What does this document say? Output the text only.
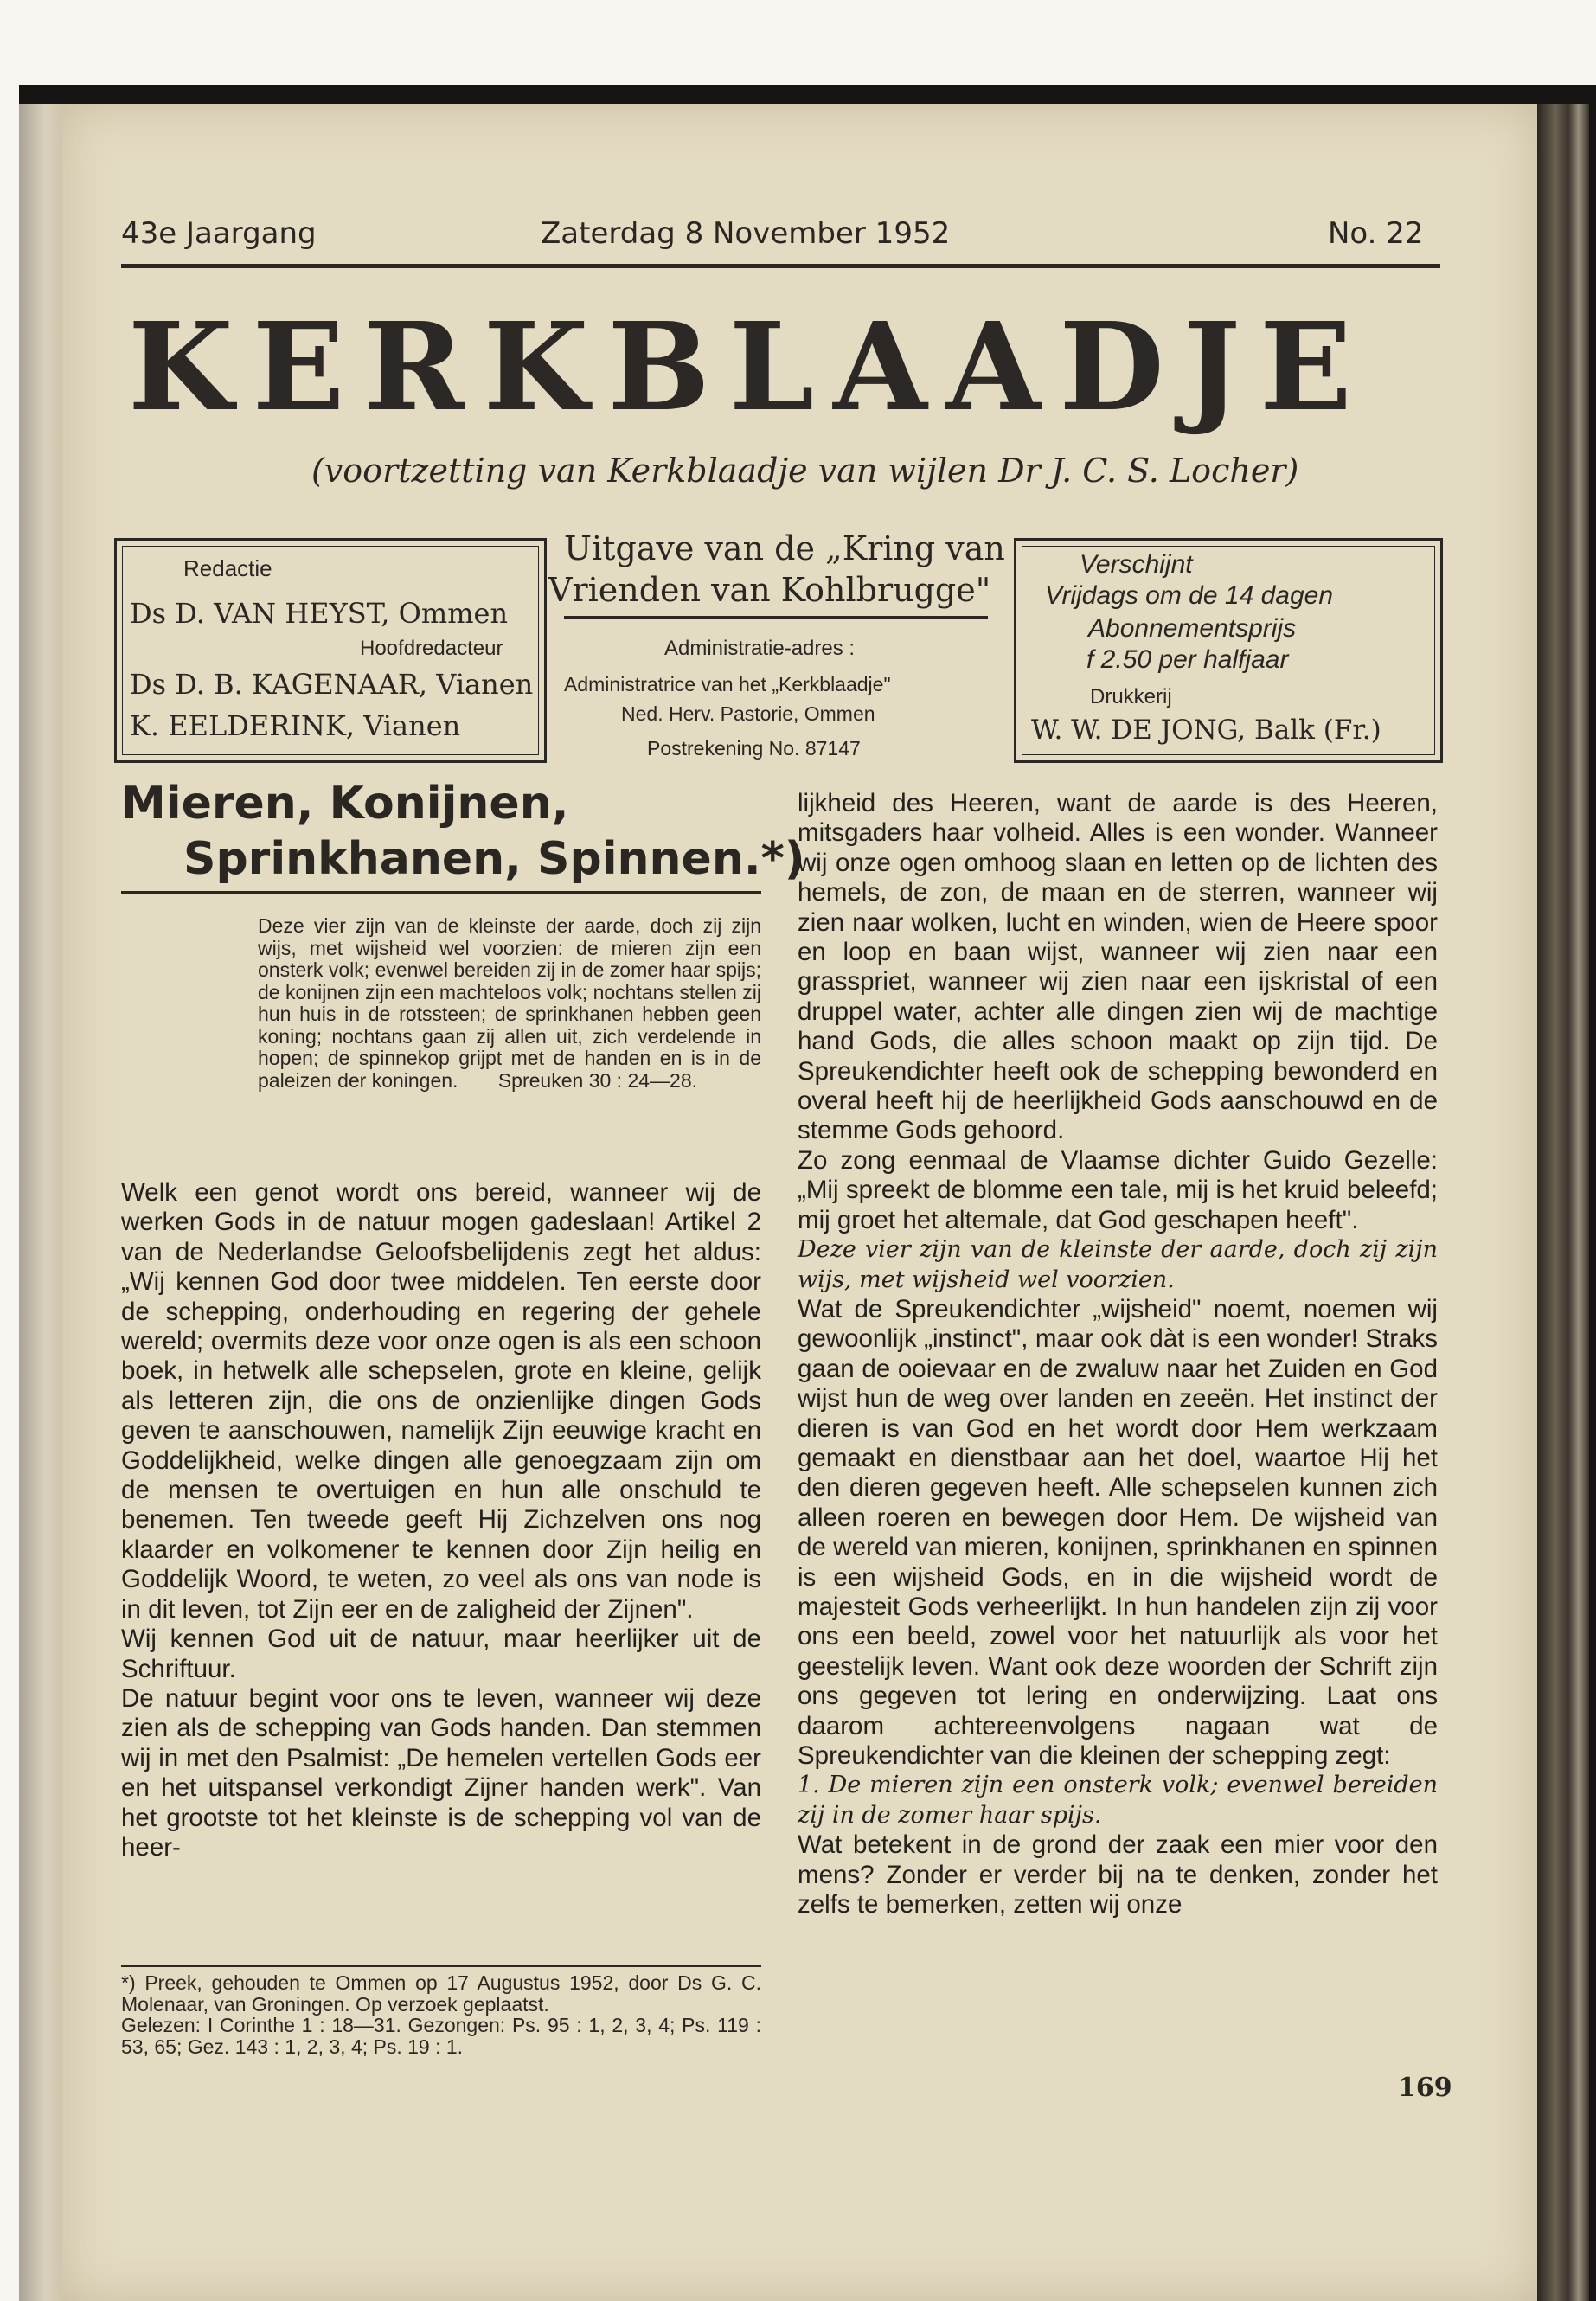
43e Jaargang	Zaterdag 8 November 1952	No. 22
KERKBLAADJE
(voortzetting van Kerkblaadje van wijlen Dr J. C. S. Locher)
Redactie
Ds D. VAN HEYST, Ommen
Hoofdredacteur
Ds D. B. KAGENAAR, Vianen
K. EELDERINK, Vianen
Uitgave van de „Kring van
Vrienden van Kohlbrugge"
Administratie-adres :
Administratrice van het „Kerkblaadje"
Ned. Herv. Pastorie, Ommen
Postrekening No. 87147
Verschijnt
Vrijdags om de 14 dagen
Abonnementsprijs
f 2.50 per halfjaar
Drukkerij
W. W. DE JONG, Balk (Fr.)
Mieren, Konijnen,
Sprinkhanen, Spinnen.*)
Deze vier zijn van de kleinste der aarde, doch zij zijn wijs, met wijsheid wel voorzien: de mieren zijn een onsterk volk; evenwel bereiden zij in de zomer haar spijs; de konijnen zijn een machteloos volk; nochtans stellen zij hun huis in de rotssteen; de sprinkhanen hebben geen koning; nochtans gaan zij allen uit, zich verdelende in hopen; de spinnekop grijpt met de handen en is in de paleizen der koningen. Spreuken 30 : 24—28.

Welk een genot wordt ons bereid, wanneer wij de werken Gods in de natuur mogen gadeslaan! Artikel 2 van de Nederlandse Geloofsbelijdenis zegt het aldus: „Wij kennen God door twee middelen. Ten eerste door de schepping, onderhouding en regering der gehele wereld; overmits deze voor onze ogen is als een schoon boek, in hetwelk alle schepselen, grote en kleine, gelijk als letteren zijn, die ons de onzienlijke dingen Gods geven te aanschouwen, namelijk Zijn eeuwige kracht en Goddelijkheid, welke dingen alle genoegzaam zijn om de mensen te overtuigen en hun alle onschuld te benemen. Ten tweede geeft Hij Zichzelven ons nog klaarder en volkomener te kennen door Zijn heilig en Goddelijk Woord, te weten, zo veel als ons van node is in dit leven, tot Zijn eer en de zaligheid der Zijnen".

Wij kennen God uit de natuur, maar heerlijker uit de Schriftuur.

De natuur begint voor ons te leven, wanneer wij deze zien als de schepping van Gods handen. Dan stemmen wij in met den Psalmist: „De hemelen vertellen Gods eer en het uitspansel verkondigt Zijner handen werk". Van het grootste tot het kleinste is de schepping vol van de heer-

*) Preek, gehouden te Ommen op 17 Augustus 1952, door Ds G. C. Molenaar, van Groningen. Op verzoek geplaatst.
Gelezen: I Corinthe 1 : 18—31. Gezongen: Ps. 95 : 1, 2, 3, 4; Ps. 119 : 53, 65; Gez. 143 : 1, 2, 3, 4; Ps. 19 : 1.

lijkheid des Heeren, want de aarde is des Heeren, mitsgaders haar volheid. Alles is een wonder. Wanneer wij onze ogen omhoog slaan en letten op de lichten des hemels, de zon, de maan en de sterren, wanneer wij zien naar wolken, lucht en winden, wien de Heere spoor en loop en baan wijst, wanneer wij zien naar een grasspriet, wanneer wij zien naar een ijskristal of een druppel water, achter alle dingen zien wij de machtige hand Gods, die alles schoon maakt op zijn tijd. De Spreukendichter heeft ook de schepping bewonderd en overal heeft hij de heerlijkheid Gods aanschouwd en de stemme Gods gehoord.

Zo zong eenmaal de Vlaamse dichter Guido Gezelle: „Mij spreekt de blomme een tale, mij is het kruid beleefd; mij groet het altemale, dat God geschapen heeft".

Deze vier zijn van de kleinste der aarde, doch zij zijn wijs, met wijsheid wel voorzien.

Wat de Spreukendichter „wijsheid" noemt, noemen wij gewoonlijk „instinct", maar ook dàt is een wonder! Straks gaan de ooievaar en de zwaluw naar het Zuiden en God wijst hun de weg over landen en zeeën. Het instinct der dieren is van God en het wordt door Hem werkzaam gemaakt en dienstbaar aan het doel, waartoe Hij het den dieren gegeven heeft. Alle schepselen kunnen zich alleen roeren en bewegen door Hem. De wijsheid van de wereld van mieren, konijnen, sprinkhanen en spinnen is een wijsheid Gods, en in die wijsheid wordt de majesteit Gods verheerlijkt. In hun handelen zijn zij voor ons een beeld, zowel voor het natuurlijk als voor het geestelijk leven. Want ook deze woorden der Schrift zijn ons gegeven tot lering en onderwijzing. Laat ons daarom achtereenvolgens nagaan wat de Spreukendichter van die kleinen der schepping zegt:

1. De mieren zijn een onsterk volk; evenwel bereiden zij in de zomer haar spijs.

Wat betekent in de grond der zaak een mier voor den mens? Zonder er verder bij na te denken, zonder het zelfs te bemerken, zetten wij onze

169
